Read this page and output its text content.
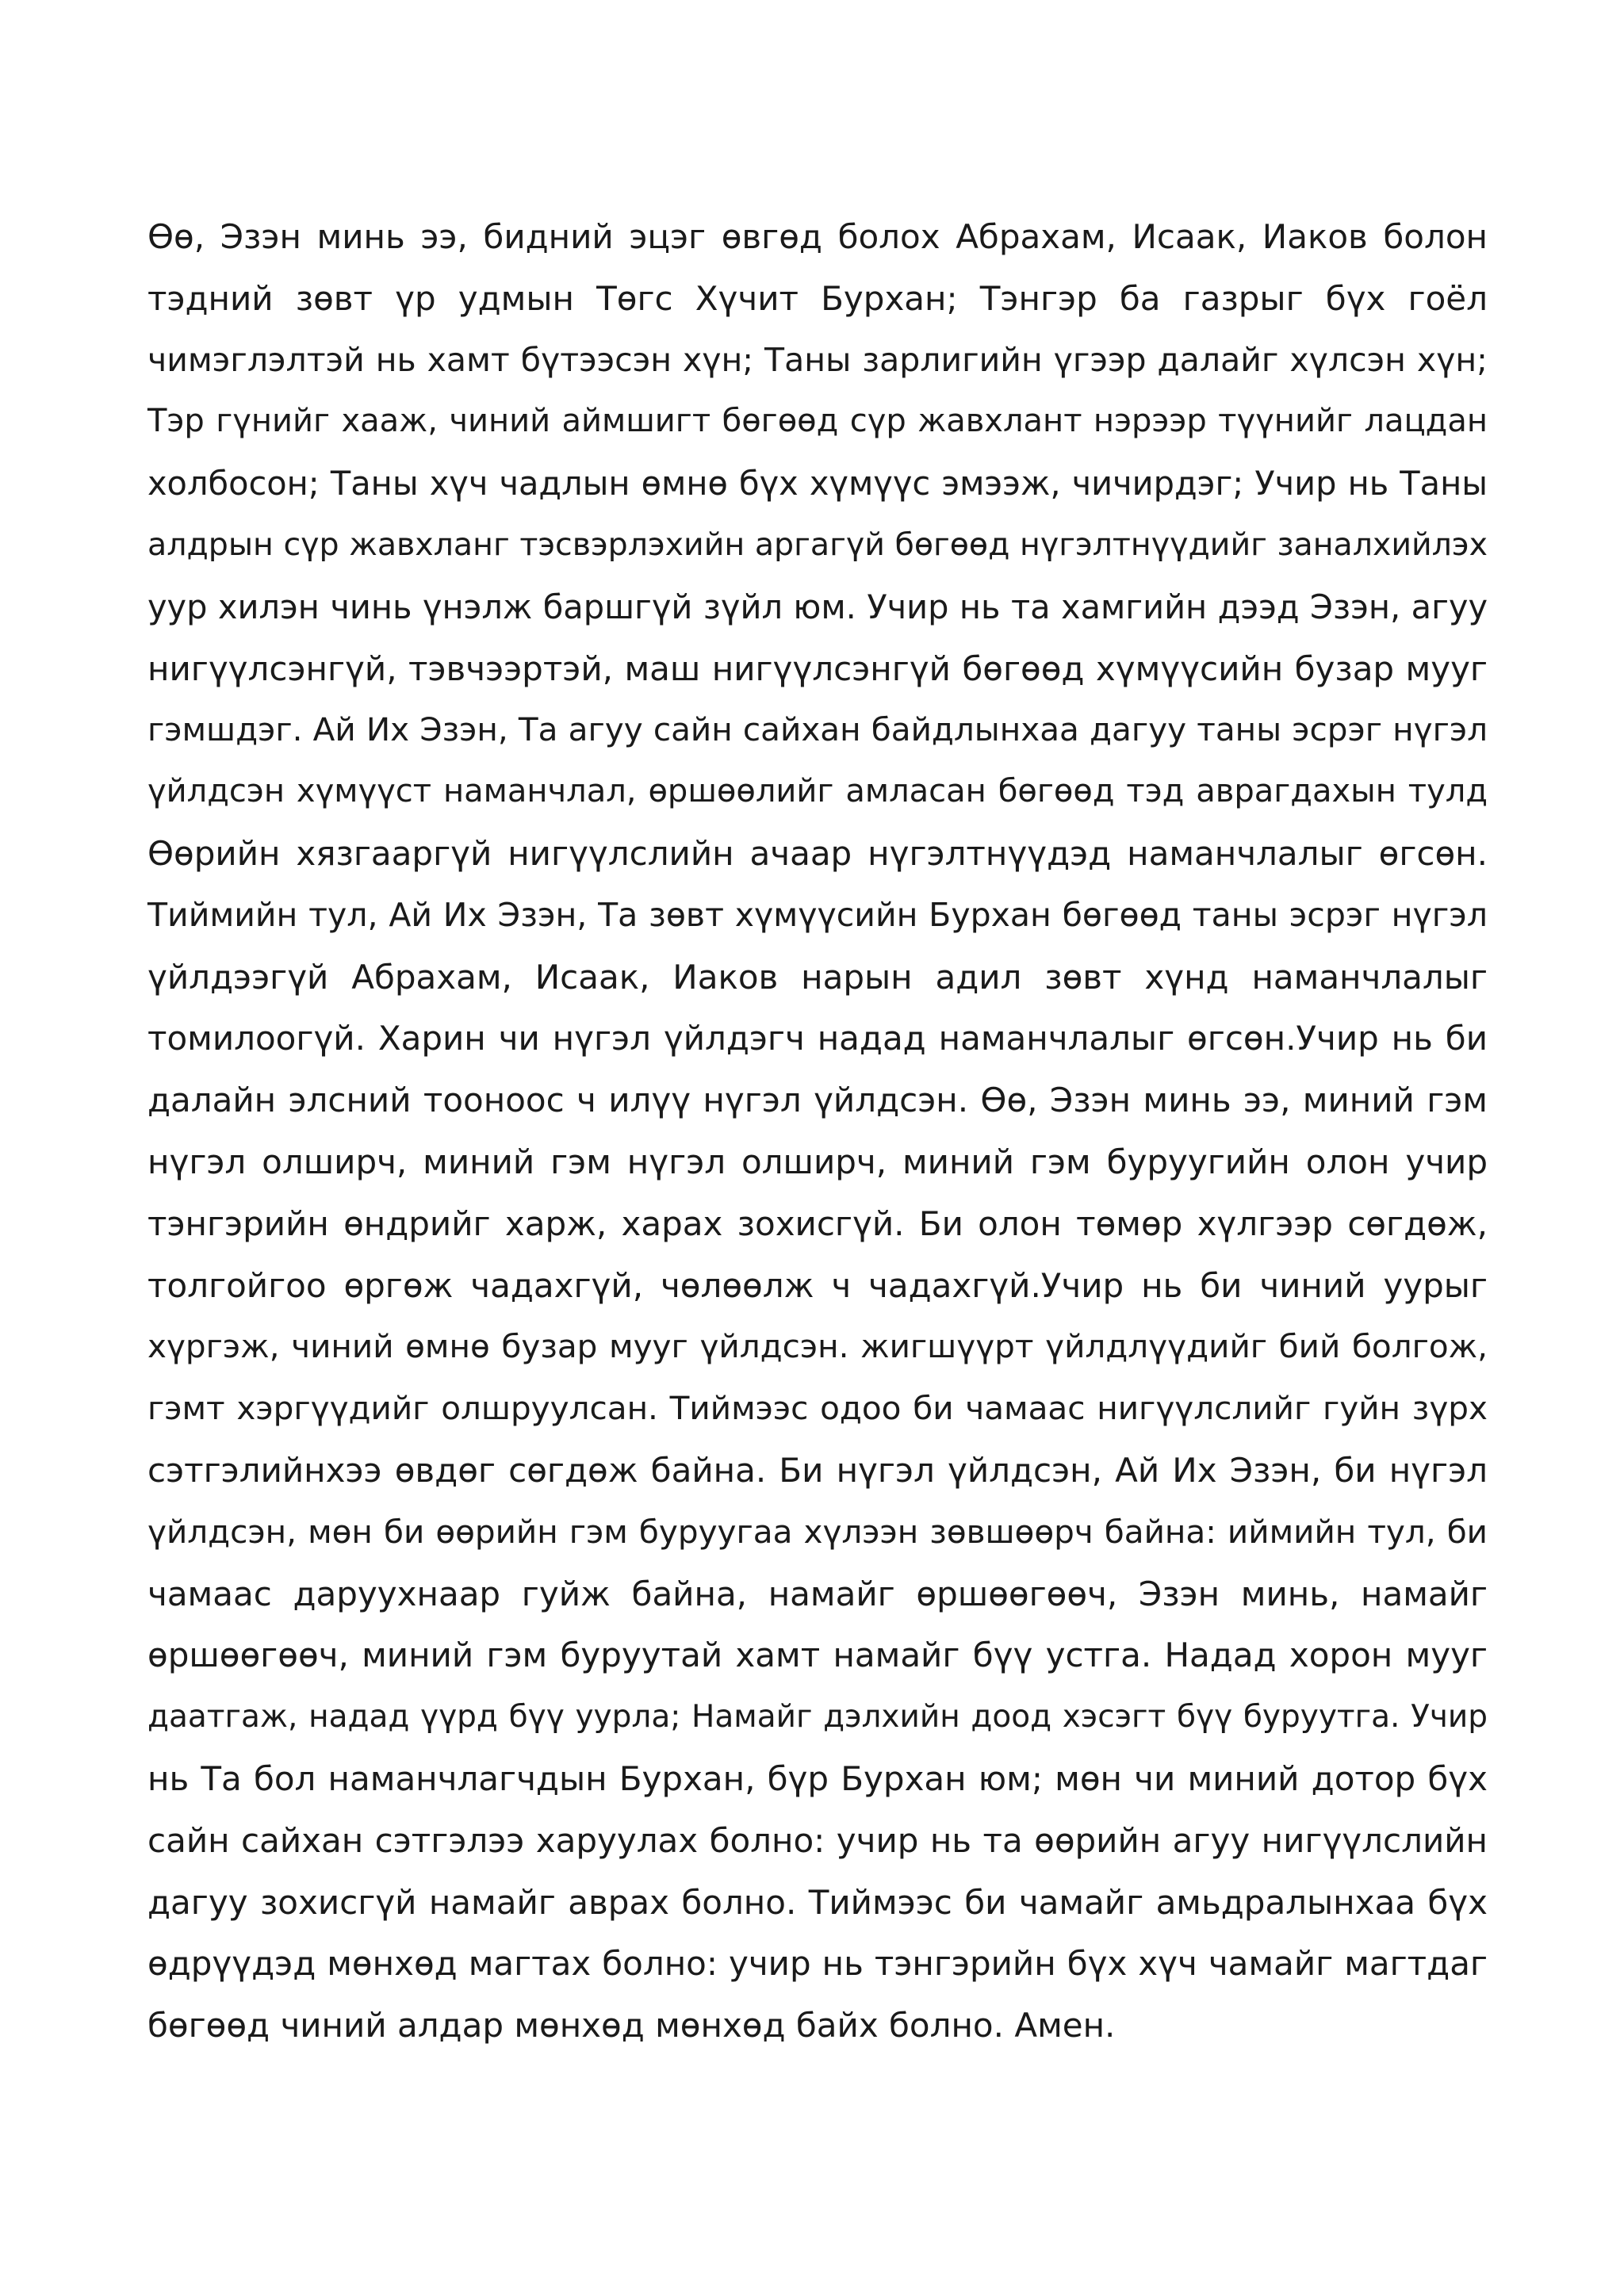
Өө, Эзэн минь ээ, бидний эцэг өвгөд болох Абрахам, Исаак, Иаков болон
тэдний зөвт үр удмын Төгс Хүчит Бурхан; Тэнгэр ба газрыг бүх гоёл
чимэглэлтэй нь хамт бүтээсэн хүн; Таны зарлигийн үгээр далайг хүлсэн хүн;
Тэр гүнийг хааж, чиний аймшигт бөгөөд сүр жавхлант нэрээр түүнийг лацдан
холбосон; Таны хүч чадлын өмнө бүх хүмүүс эмээж, чичирдэг; Учир нь Таны
алдрын сүр жавхланг тэсвэрлэхийн аргагүй бөгөөд нүгэлтнүүдийг заналхийлэх
уур хилэн чинь үнэлж баршгүй зүйл юм. Учир нь та хамгийн дээд Эзэн, агуу
нигүүлсэнгүй, тэвчээртэй, маш нигүүлсэнгүй бөгөөд хүмүүсийн бузар мууг
гэмшдэг. Ай Их Эзэн, Та агуу сайн сайхан байдлынхаа дагуу таны эсрэг нүгэл
үйлдсэн хүмүүст наманчлал, өршөөлийг амласан бөгөөд тэд аврагдахын тулд
Өөрийн хязгааргүй нигүүлслийн ачаар нүгэлтнүүдэд наманчлалыг өгсөн.
Тиймийн тул, Ай Их Эзэн, Та зөвт хүмүүсийн Бурхан бөгөөд таны эсрэг нүгэл
үйлдээгүй Абрахам, Исаак, Иаков нарын адил зөвт хүнд наманчлалыг
томилоогүй. Харин чи нүгэл үйлдэгч надад наманчлалыг өгсөн.Учир нь би
далайн элсний тооноос ч илүү нүгэл үйлдсэн. Өө, Эзэн минь ээ, миний гэм
нүгэл олширч, миний гэм нүгэл олширч, миний гэм буруугийн олон учир
тэнгэрийн өндрийг харж, харах зохисгүй. Би олон төмөр хүлгээр сөгдөж,
толгойгоо өргөж чадахгүй, чөлөөлж ч чадахгүй.Учир нь би чиний уурыг
хүргэж, чиний өмнө бузар мууг үйлдсэн. жигшүүрт үйлдлүүдийг бий болгож,
гэмт хэргүүдийг олшруулсан. Тиймээс одоо би чамаас нигүүлслийг гуйн зүрх
сэтгэлийнхээ өвдөг сөгдөж байна. Би нүгэл үйлдсэн, Ай Их Эзэн, би нүгэл
үйлдсэн, мөн би өөрийн гэм буруугаа хүлээн зөвшөөрч байна: иймийн тул, би
чамаас даруухнаар гуйж байна, намайг өршөөгөөч, Эзэн минь, намайг
өршөөгөөч, миний гэм буруутай хамт намайг бүү устга. Надад хорон мууг
даатгаж, надад үүрд бүү уурла; Намайг дэлхийн доод хэсэгт бүү буруутга. Учир
нь Та бол наманчлагчдын Бурхан, бүр Бурхан юм; мөн чи миний дотор бүх
сайн сайхан сэтгэлээ харуулах болно: учир нь та өөрийн агуу нигүүлслийн
дагуу зохисгүй намайг аврах болно. Тиймээс би чамайг амьдралынхаа бүх
өдрүүдэд мөнхөд магтах болно: учир нь тэнгэрийн бүх хүч чамайг магтдаг
бөгөөд чиний алдар мөнхөд мөнхөд байх болно. Амен.
